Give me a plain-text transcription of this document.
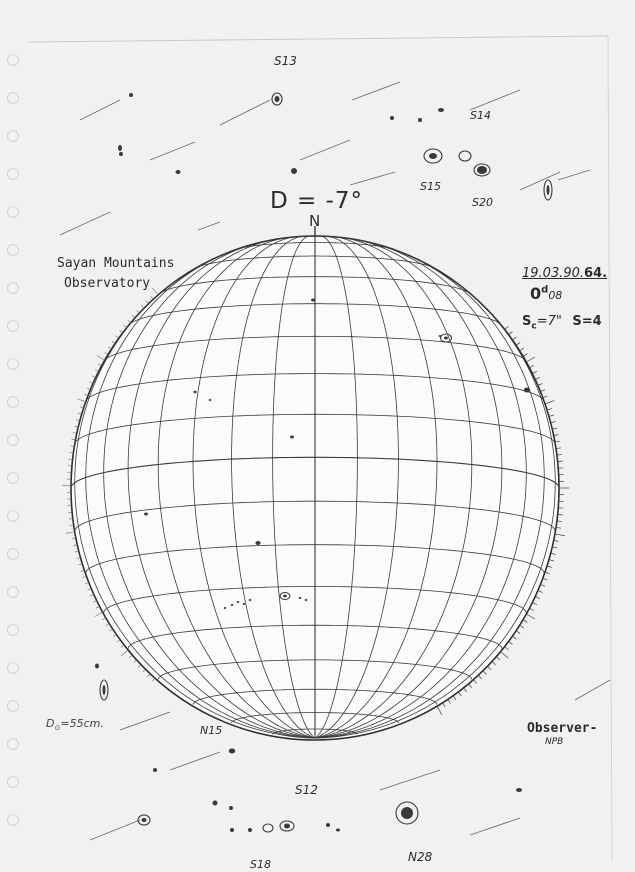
D = -7°
N
Sayan Mountains
Observatory
19.03.90.64.
0$^d$08
$S_c=7$" S=4
$D_⊙=55cm$.	Observer-
NPB
S13
S14
S15
S20
S12
N15
N28
S18
